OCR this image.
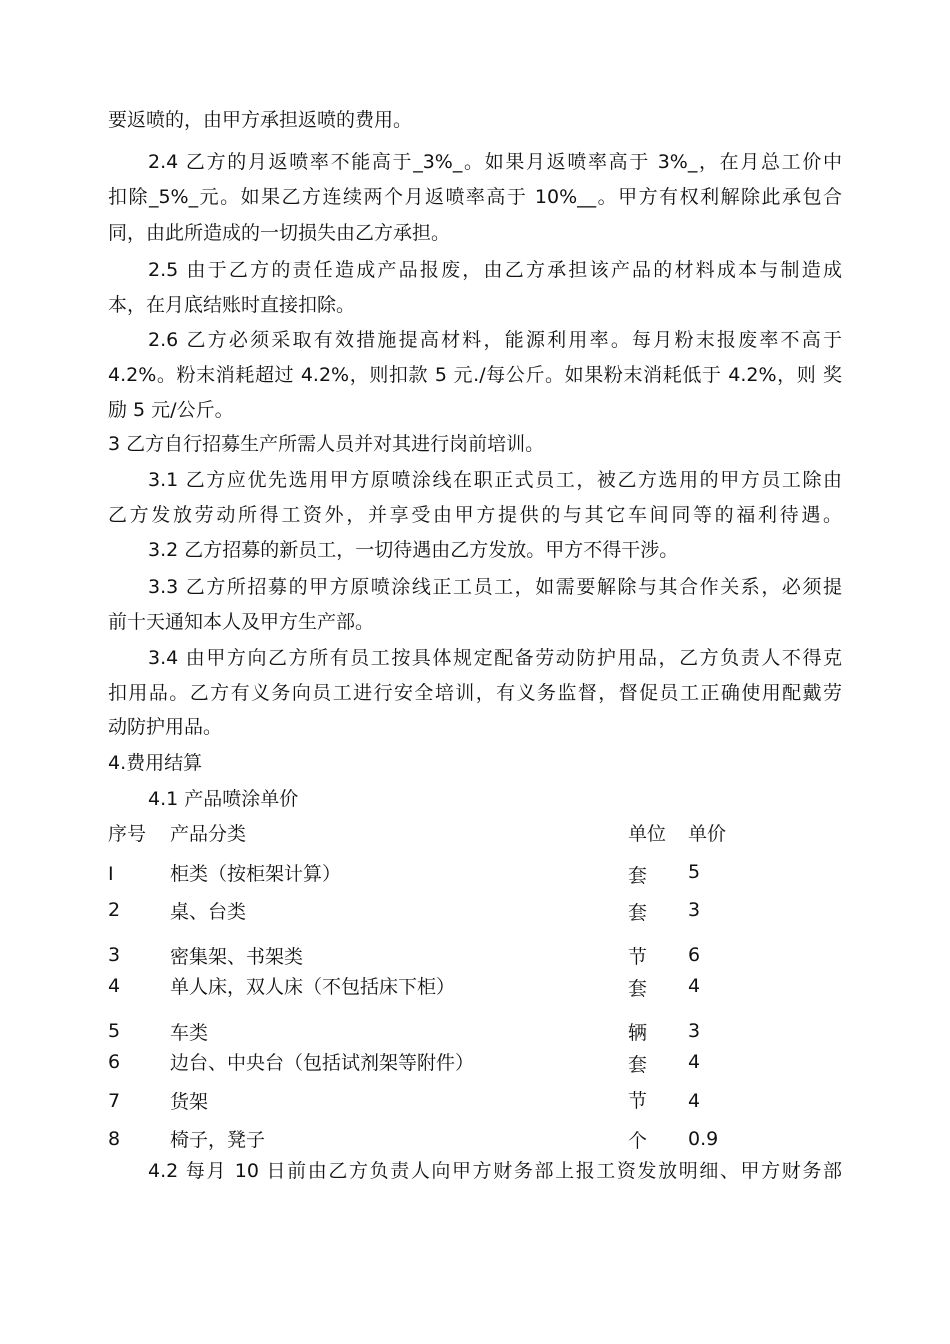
要返喷的，由甲方承担返喷的费用。
2.4 乙方的月返喷率不能高于_3%_。如果月返喷率高于 3%_，在月总工价中
扣除_5%_元。如果乙方连续两个月返喷率高于 10%__。甲方有权利解除此承包合
同，由此所造成的一切损失由乙方承担。
2.5 由于乙方的责任造成产品报废，由乙方承担该产品的材料成本与制造成
本，在月底结账时直接扣除。
2.6 乙方必须采取有效措施提高材料，能源利用率。每月粉末报废率不高于
4.2%。粉末消耗超过 4.2%，则扣款 5 元./每公斤。如果粉末消耗低于 4.2%，则 奖
励 5 元/公斤。
3 乙方自行招募生产所需人员并对其进行岗前培训。
3.1 乙方应优先选用甲方原喷涂线在职正式员工，被乙方选用的甲方员工除由
乙方发放劳动所得工资外，并享受由甲方提供的与其它车间同等的福利待遇。
3.2 乙方招募的新员工，一切待遇由乙方发放。甲方不得干涉。
3.3 乙方所招募的甲方原喷涂线正工员工，如需要解除与其合作关系，必须提
前十天通知本人及甲方生产部。
3.4 由甲方向乙方所有员工按具体规定配备劳动防护用品，乙方负责人不得克
扣用品。乙方有义务向员工进行安全培训，有义务监督，督促员工正确使用配戴劳
动防护用品。
4.费用结算
4.1 产品喷涂单价
序号 产品分类	单位 单价
I	柜类（按柜架计算）	套 5
2	桌、台类	套 3
3	密集架、书架类	节 6
4	单人床，双人床（不包括床下柜）	套 4
5	车类	辆 3
6	边台、中央台（包括试剂架等附件）	套 4
7	货架	节 4
8	椅子，凳子	个 0.9
4.2 每月 10 日前由乙方负责人向甲方财务部上报工资发放明细、甲方财务部
